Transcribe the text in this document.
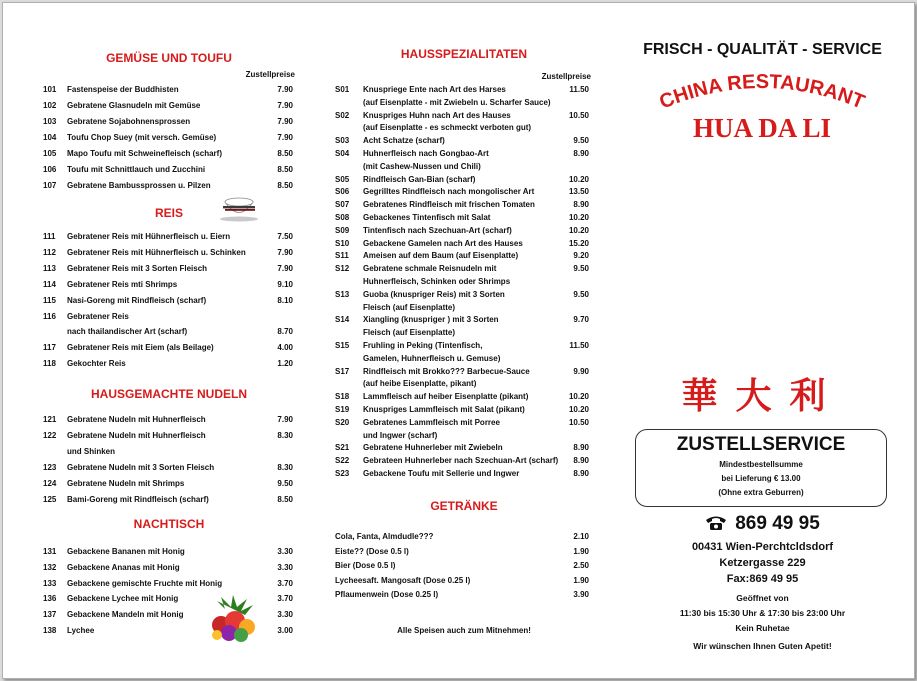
GEMÜSE UND TOUFU
Zustellpreise
101 Fastenspeise der Buddhisten	7.90
102 Gebratene Glasnudeln mit Gemüse	7.90
103 Gebratene Sojabohnensprossen	7.90
104 Toufu Chop Suey (mit versch. Gemüse)	7.90
105 Mapo Toufu mit Schweinefleisch (scharf)	8.50
106 Toufu mit Schnittlauch und Zucchini	8.50
107 Gebratene Bambussprossen u. Pilzen	8.50
REIS
111 Gebratener Reis mit Hühnerfleisch u. Eiern	7.50
112 Gebratener Reis mit Hühnerfleisch u. Schinken	7.90
113 Gebratener Reis mit 3 Sorten Fleisch	7.90
114 Gebratener Reis mti Shrimps	9.10
115 Nasi-Goreng mit Rindfleisch (scharf)	8.10
116 Gebratener Reis
nach thailandischer Art (scharf)	8.70
117 Gebratener Reis mit Eiem (als Beilage)	4.00
118 Gekochter Reis	1.20
HAUSGEMACHTE NUDELN
121 Gebratene Nudeln mit Huhnerfleisch	7.90
122 Gebratene Nudeln mit Huhnerfleisch	8.30
und Shinken
123 Gebratene Nudeln mit 3 Sorten Fleisch	8.30
124 Gebratene Nudeln mit Shrimps	9.50
125 Bami-Goreng mit Rindfleisch (scharf)	8.50
NACHTISCH
131 Gebackene Bananen mit Honig	3.30
132 Gebackene Ananas mit Honig	3.30
133 Gebackene gemischte Fruchte mit Honig	3.70
136 Gebackene Lychee mit Honig	3.70
137 Gebackene Mandeln mit Honig	3.30
138 Lychee	3.00
HAUSSPEZIALITATEN
Zustellpreise
S01 Knuspriege Ente nach Art des Harses	11.50
(auf Eisenplatte - mit Zwiebeln u. Scharfer Sauce)
S02 Knuspriges Huhn nach Art des Hauses	10.50
(auf Eisenplatte - es schmeckt verboten gut)
S03 Acht Schatze (scharf)	9.50
S04 Huhnerfleisch nach Gongbao-Art	8.90
(mit Cashew-Nussen und Chili)
S05 Rindfleisch Gan-Bian (scharf)	10.20
S06 Gegrilltes Rindfleisch nach mongolischer Art	13.50
S07 Gebratenes Rindfleisch mit frischen Tomaten	8.90
S08 Gebackenes Tintenfisch mit Salat	10.20
S09 Tintenfisch nach Szechuan-Art (scharf)	10.20
S10 Gebackene Gamelen nach Art des Hauses	15.20
S11 Ameisen auf dem Baum (auf Eisenplatte)	9.20
S12 Gebratene schmale Reisnudeln mit	9.50
Huhnerfleisch, Schinken oder Shrimps
S13 Guoba (knuspriger Reis) mit 3 Sorten	9.50
Fleisch (auf Eisenplatte)
S14 Xiangling (knuspriger ) mit 3 Sorten	9.70
Fleisch (auf Eisenplatte)
S15 Fruhling in Peking (Tintenfisch,	11.50
Gamelen, Huhnerfleisch u. Gemuse)
S17 Rindfleisch mit Brokko??? Barbecue-Sauce	9.90
(auf heibe Eisenplatte, pikant)
S18 Lammfleisch auf heiber Eisenplatte (pikant)	10.20
S19 Knuspriges Lammfleisch mit Salat (pikant)	10.20
S20 Gebratenes Lammfleisch mit Porree	10.50
und Ingwer (scharf)
S21 Gebratene Huhnerleber mit Zwiebeln	8.90
S22 Gebrateen Huhnerleber nach Szechuan-Art (scharf) 8.90
S23 Gebackene Toufu mit Sellerie und Ingwer	8.90
GETRÄNKE
Cola, Fanta, Almdudle???	2.10
Eiste?? (Dose 0.5 l)	1.90
Bier (Dose 0.5 l)	2.50
Lycheesaft. Mangosaft (Dose 0.25 l)	1.90
Pflaumenwein (Dose 0.25 l)	3.90
Alle Speisen auch zum Mitnehmen!
FRISCH - QUALITÄT - SERVICE
CHINA RESTAURANT
HUA DA LI
華大利
ZUSTELLSERVICE
Mindestbestellsumme
bei Lieferung € 13.00
(Ohne extra Geburren)
869 49 95
00431 Wien-Perchtcldsdorf
Ketzergasse 229
Fax:869 49 95
Geöffnet von
11:30 bis 15:30 Uhr & 17:30 bis 23:00 Uhr
Kein Ruhetae
Wir wünschen Ihnen Guten Apetit!
